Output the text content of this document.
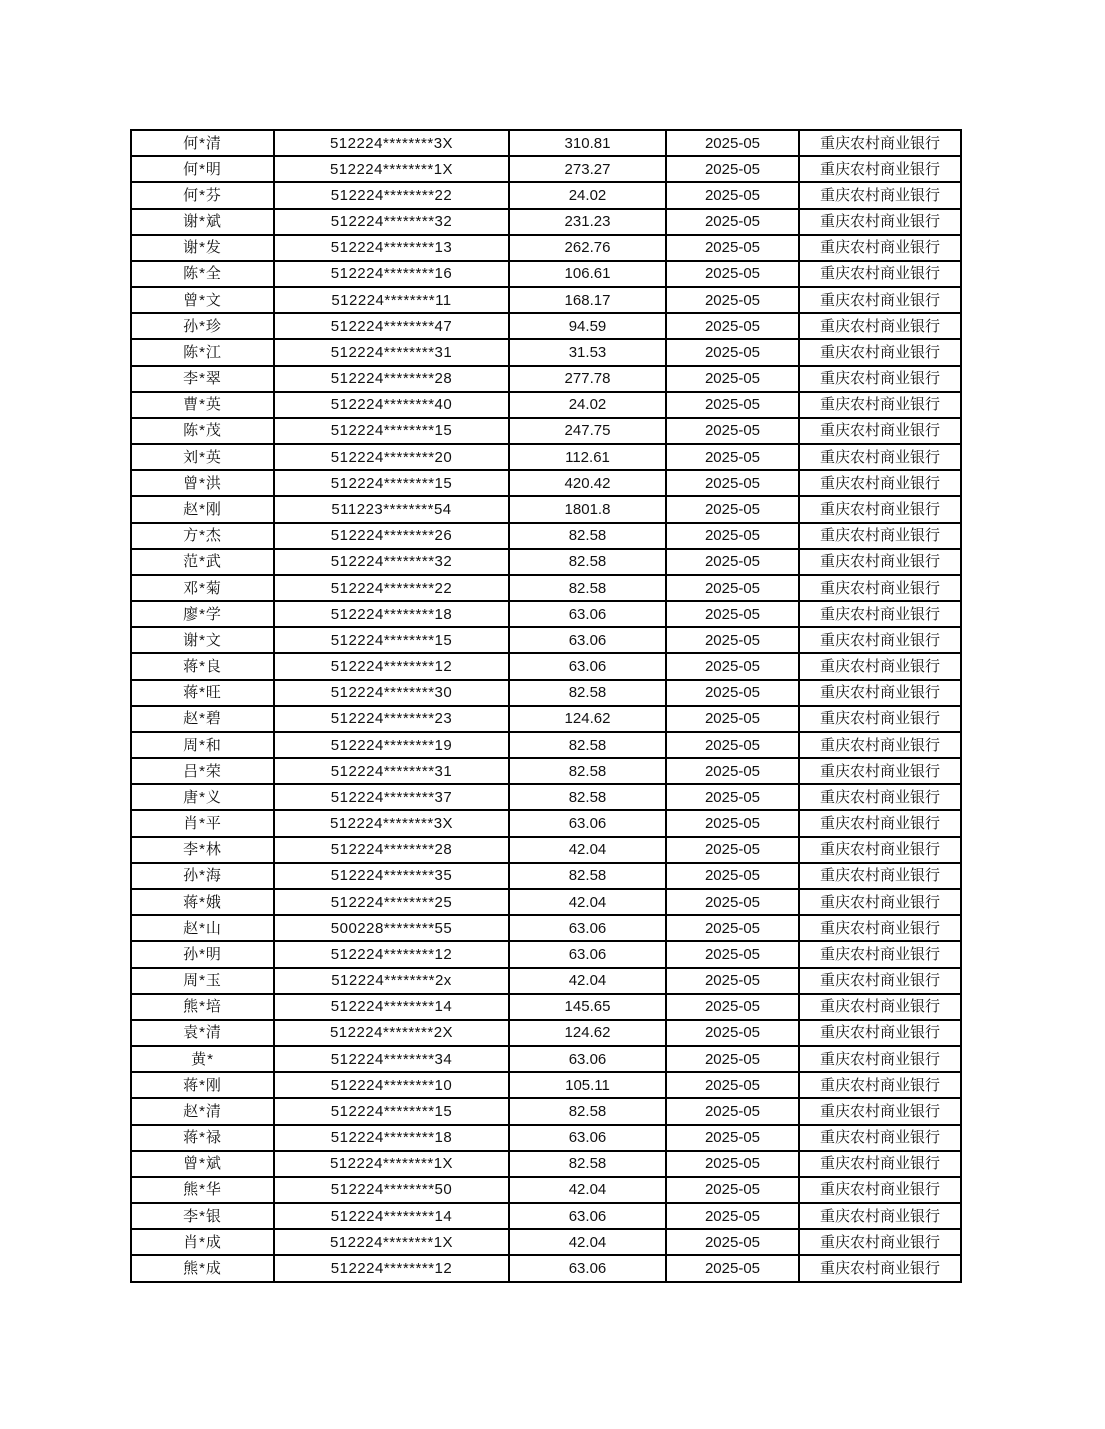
何*清	512224********3X	310.81	2025-05	重庆农村商业银行
何*明	512224********1X	273.27	2025-05	重庆农村商业银行
何*芬	512224********22	24.02	2025-05	重庆农村商业银行
谢*斌	512224********32	231.23	2025-05	重庆农村商业银行
谢*发	512224********13	262.76	2025-05	重庆农村商业银行
陈*全	512224********16	106.61	2025-05	重庆农村商业银行
曾*文	512224********11	168.17	2025-05	重庆农村商业银行
孙*珍	512224********47	94.59	2025-05	重庆农村商业银行
陈*江	512224********31	31.53	2025-05	重庆农村商业银行
李*翠	512224********28	277.78	2025-05	重庆农村商业银行
曹*英	512224********40	24.02	2025-05	重庆农村商业银行
陈*茂	512224********15	247.75	2025-05	重庆农村商业银行
刘*英	512224********20	112.61	2025-05	重庆农村商业银行
曾*洪	512224********15	420.42	2025-05	重庆农村商业银行
赵*刚	511223********54	1801.8	2025-05	重庆农村商业银行
方*杰	512224********26	82.58	2025-05	重庆农村商业银行
范*武	512224********32	82.58	2025-05	重庆农村商业银行
邓*菊	512224********22	82.58	2025-05	重庆农村商业银行
廖*学	512224********18	63.06	2025-05	重庆农村商业银行
谢*文	512224********15	63.06	2025-05	重庆农村商业银行
蒋*良	512224********12	63.06	2025-05	重庆农村商业银行
蒋*旺	512224********30	82.58	2025-05	重庆农村商业银行
赵*碧	512224********23	124.62	2025-05	重庆农村商业银行
周*和	512224********19	82.58	2025-05	重庆农村商业银行
吕*荣	512224********31	82.58	2025-05	重庆农村商业银行
唐*义	512224********37	82.58	2025-05	重庆农村商业银行
肖*平	512224********3X	63.06	2025-05	重庆农村商业银行
李*林	512224********28	42.04	2025-05	重庆农村商业银行
孙*海	512224********35	82.58	2025-05	重庆农村商业银行
蒋*娥	512224********25	42.04	2025-05	重庆农村商业银行
赵*山	500228********55	63.06	2025-05	重庆农村商业银行
孙*明	512224********12	63.06	2025-05	重庆农村商业银行
周*玉	512224********2x	42.04	2025-05	重庆农村商业银行
熊*培	512224********14	145.65	2025-05	重庆农村商业银行
袁*清	512224********2X	124.62	2025-05	重庆农村商业银行
黄*	512224********34	63.06	2025-05	重庆农村商业银行
蒋*刚	512224********10	105.11	2025-05	重庆农村商业银行
赵*清	512224********15	82.58	2025-05	重庆农村商业银行
蒋*禄	512224********18	63.06	2025-05	重庆农村商业银行
曾*斌	512224********1X	82.58	2025-05	重庆农村商业银行
熊*华	512224********50	42.04	2025-05	重庆农村商业银行
李*银	512224********14	63.06	2025-05	重庆农村商业银行
肖*成	512224********1X	42.04	2025-05	重庆农村商业银行
熊*成	512224********12	63.06	2025-05	重庆农村商业银行
